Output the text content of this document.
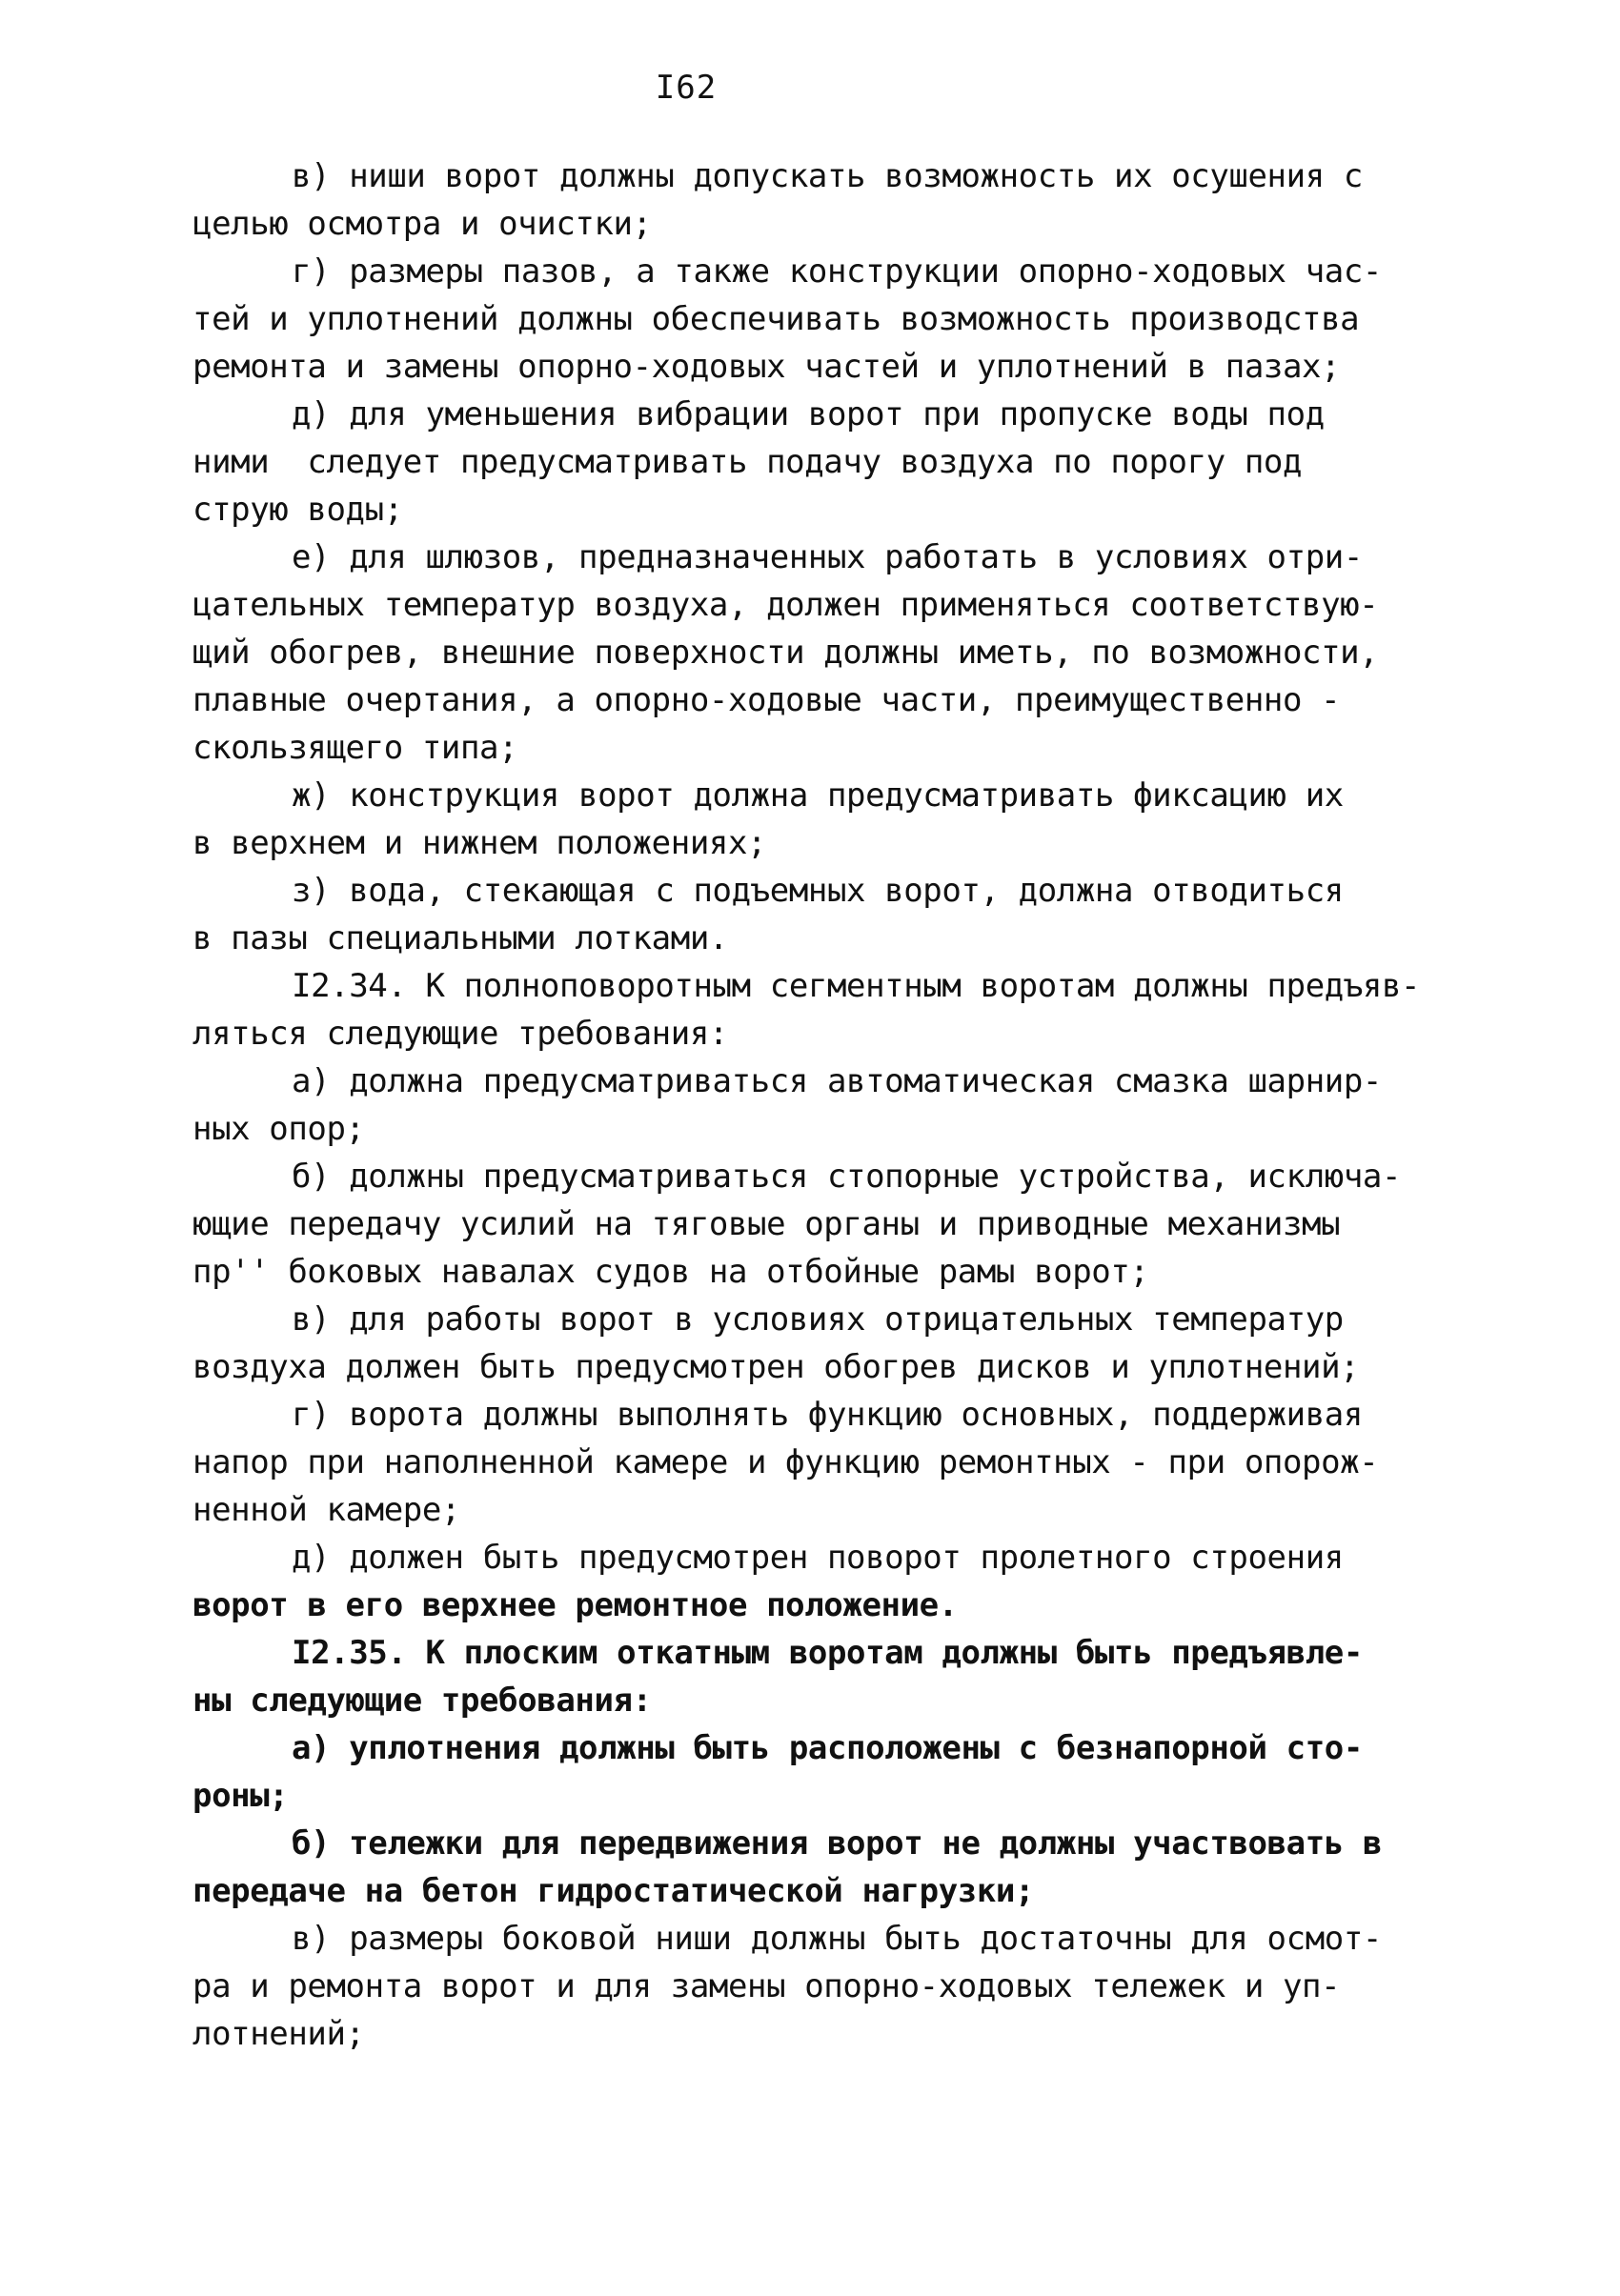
I62
в) ниши ворот должны допускать возможность их осушения с
целью осмотра и очистки;
г) размеры пазов, а также конструкции опорно-ходовых час-
тей и уплотнений должны обеспечивать возможность производства
ремонта и замены опорно-ходовых частей и уплотнений в пазах;
д) для уменьшения вибрации ворот при пропуске воды под
ними  следует предусматривать подачу воздуха по порогу под
струю воды;
е) для шлюзов, предназначенных работать в условиях отри-
цательных температур воздуха, должен применяться соответствую-
щий обогрев, внешние поверхности должны иметь, по возможности,
плавные очертания, а опорно-ходовые части, преимущественно -
скользящего типа;
ж) конструкция ворот должна предусматривать фиксацию их
в верхнем и нижнем положениях;
з) вода, стекающая с подъемных ворот, должна отводиться
в пазы специальными лотками.
I2.34. К полноповоротным сегментным воротам должны предъяв-
ляться следующие требования:
а) должна предусматриваться автоматическая смазка шарнир-
ных опор;
б) должны предусматриваться стопорные устройства, исключа-
ющие передачу усилий на тяговые органы и приводные механизмы
пр'' боковых навалах судов на отбойные рамы ворот;
в) для работы ворот в условиях отрицательных температур
воздуха должен быть предусмотрен обогрев дисков и уплотнений;
г) ворота должны выполнять функцию основных, поддерживая
напор при наполненной камере и функцию ремонтных - при опорож-
ненной камере;
д) должен быть предусмотрен поворот пролетного строения
ворот в его верхнее ремонтное положение.
I2.35. К плоским откатным воротам должны быть предъявле-
ны следующие требования:
а) уплотнения должны быть расположены с безнапорной сто-
роны;
б) тележки для передвижения ворот не должны участвовать в
передаче на бетон гидростатической нагрузки;
в) размеры боковой ниши должны быть достаточны для осмот-
ра и ремонта ворот и для замены опорно-ходовых тележек и уп-
лотнений;
